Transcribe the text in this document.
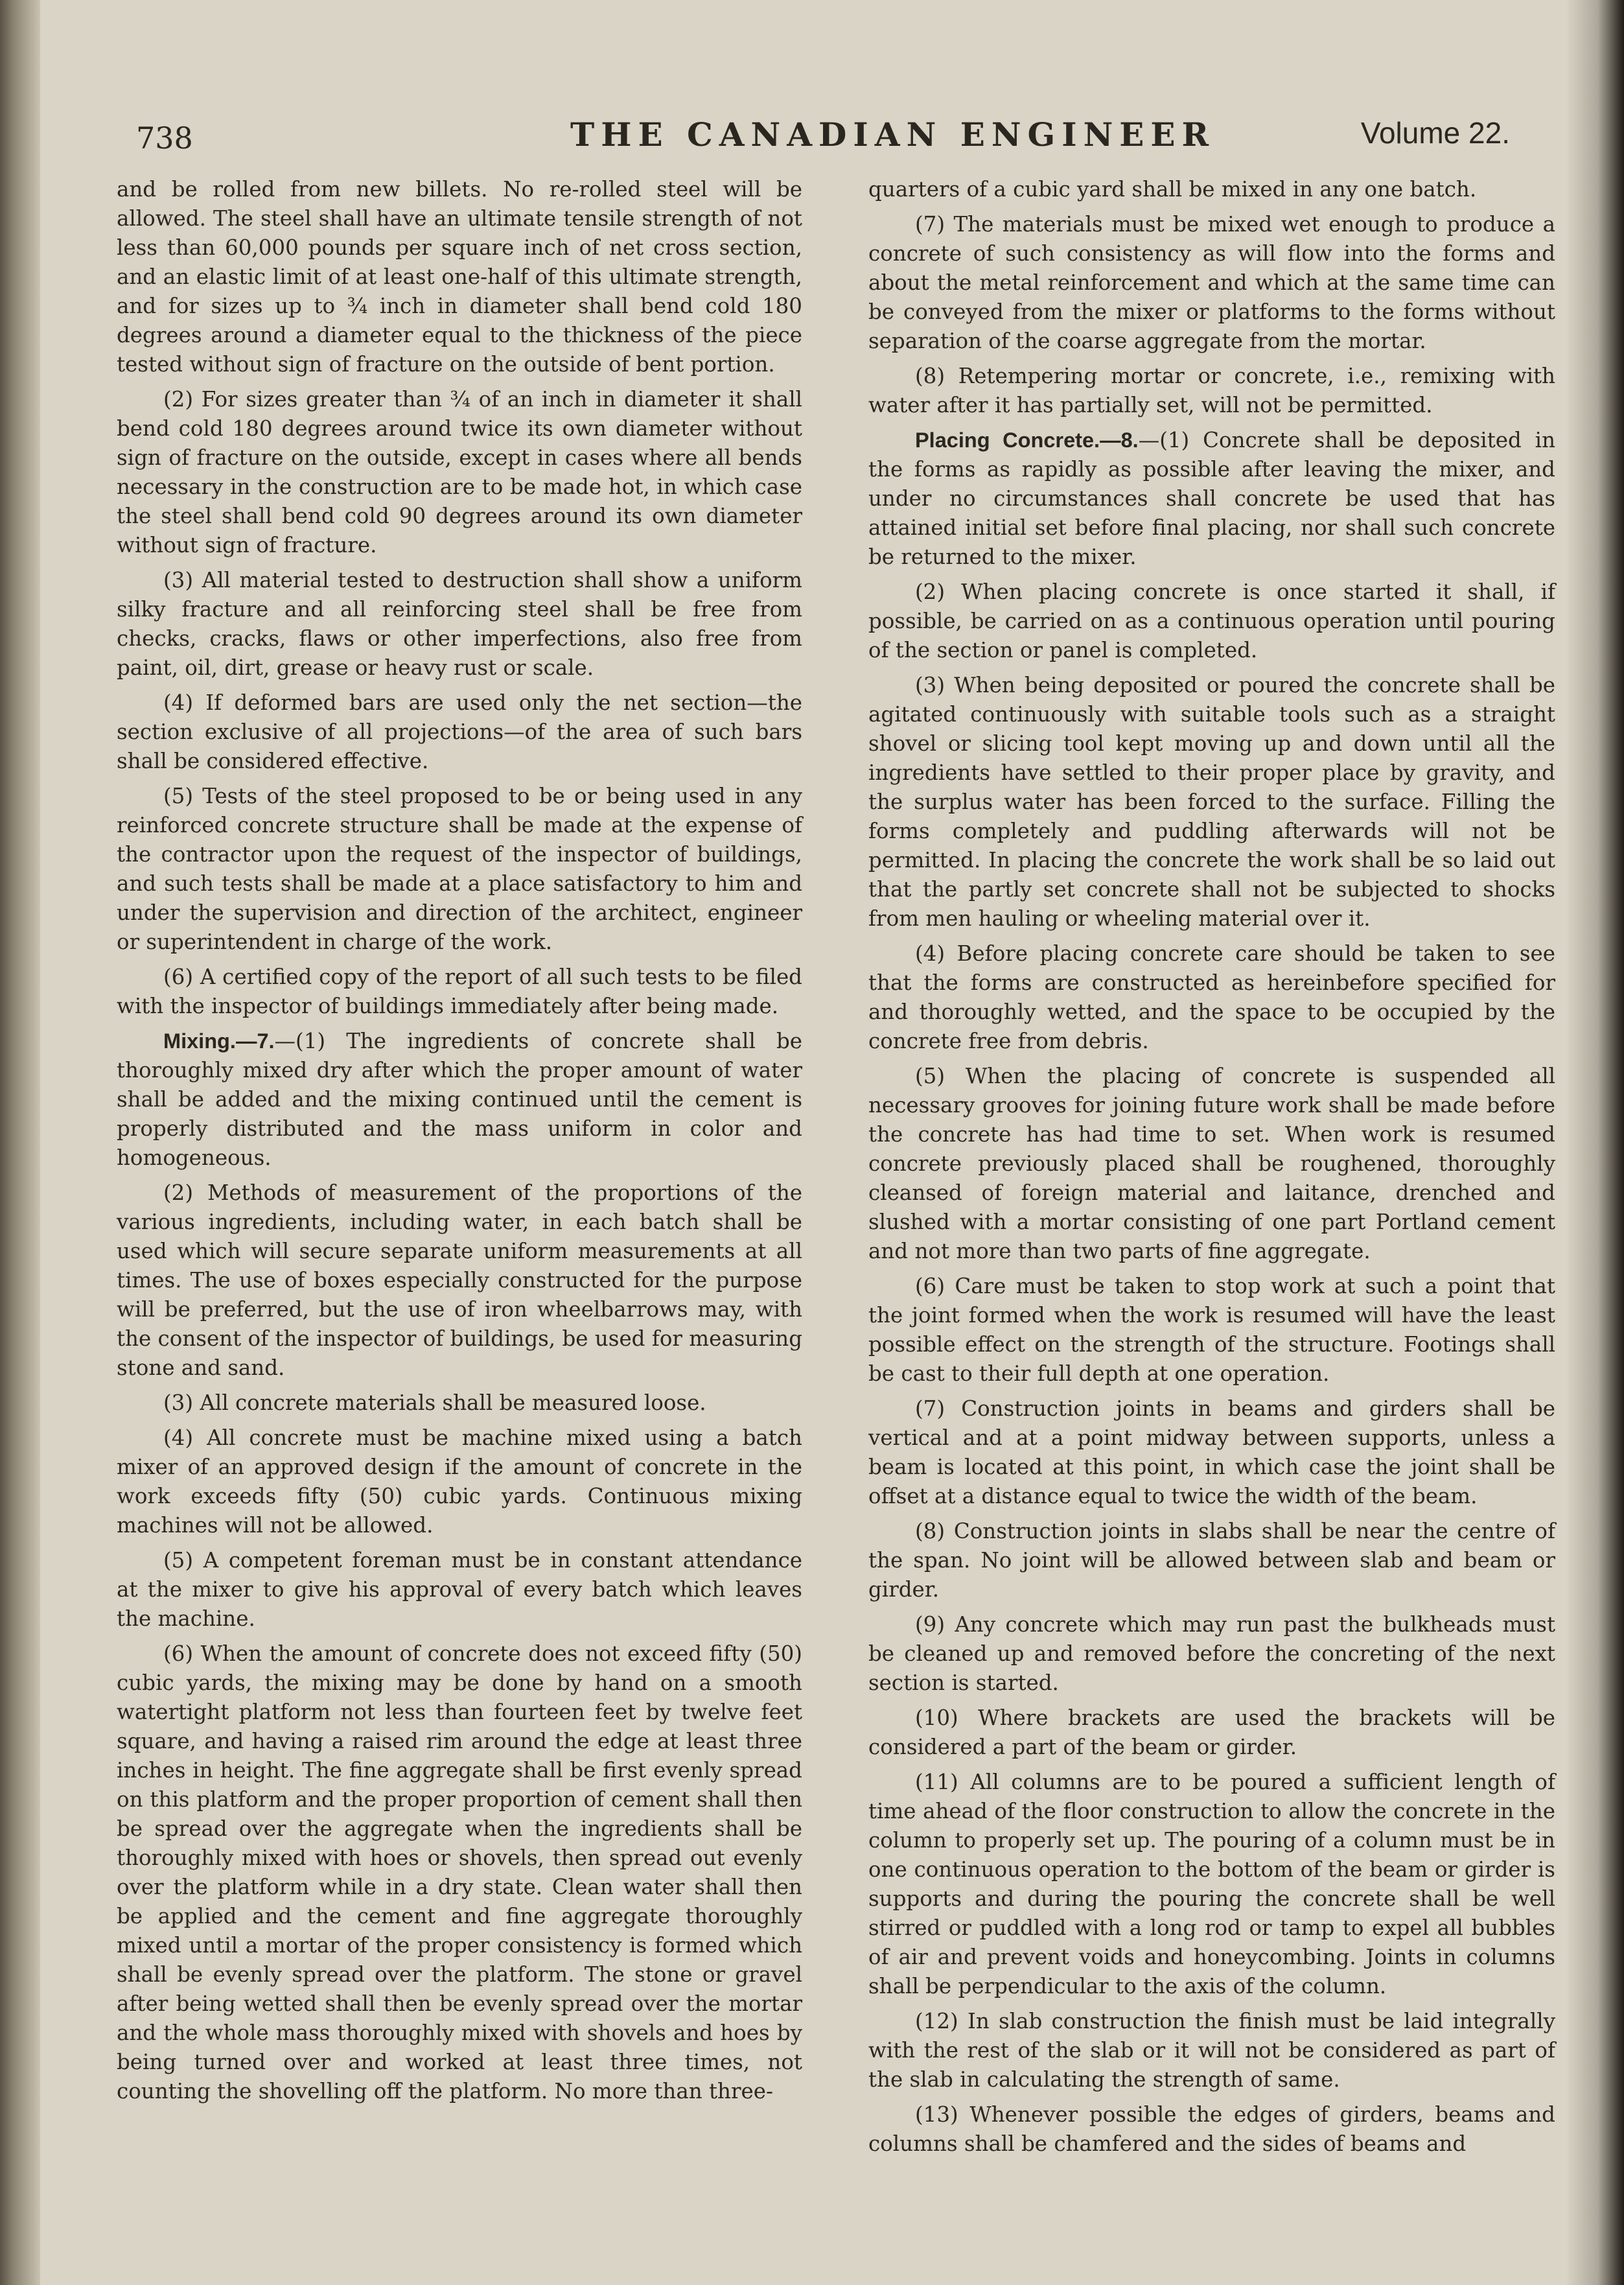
738	THE CANADIAN ENGINEER	Volume 22.

and be rolled from new billets. No re-rolled steel will be allowed. The steel shall have an ultimate tensile strength of not less than 60,000 pounds per square inch of net cross section, and an elastic limit of at least one-half of this ultimate strength, and for sizes up to ¾ inch in diameter shall bend cold 180 degrees around a diameter equal to the thickness of the piece tested without sign of fracture on the outside of bent portion.

(2) For sizes greater than ¾ of an inch in diameter it shall bend cold 180 degrees around twice its own diameter without sign of fracture on the outside, except in cases where all bends necessary in the construction are to be made hot, in which case the steel shall bend cold 90 degrees around its own diameter without sign of fracture.

(3) All material tested to destruction shall show a uniform silky fracture and all reinforcing steel shall be free from checks, cracks, flaws or other imperfections, also free from paint, oil, dirt, grease or heavy rust or scale.

(4) If deformed bars are used only the net section—the section exclusive of all projections—of the area of such bars shall be considered effective.

(5) Tests of the steel proposed to be or being used in any reinforced concrete structure shall be made at the expense of the contractor upon the request of the inspector of buildings, and such tests shall be made at a place satisfactory to him and under the supervision and direction of the architect, engineer or superintendent in charge of the work.

(6) A certified copy of the report of all such tests to be filed with the inspector of buildings immediately after being made.

Mixing.—7.—(1) The ingredients of concrete shall be thoroughly mixed dry after which the proper amount of water shall be added and the mixing continued until the cement is properly distributed and the mass uniform in color and homogeneous.

(2) Methods of measurement of the proportions of the various ingredients, including water, in each batch shall be used which will secure separate uniform measurements at all times. The use of boxes especially constructed for the purpose will be preferred, but the use of iron wheelbarrows may, with the consent of the inspector of buildings, be used for measuring stone and sand.

(3) All concrete materials shall be measured loose.

(4) All concrete must be machine mixed using a batch mixer of an approved design if the amount of concrete in the work exceeds fifty (50) cubic yards. Continuous mixing machines will not be allowed.

(5) A competent foreman must be in constant attendance at the mixer to give his approval of every batch which leaves the machine.

(6) When the amount of concrete does not exceed fifty (50) cubic yards, the mixing may be done by hand on a smooth watertight platform not less than fourteen feet by twelve feet square, and having a raised rim around the edge at least three inches in height. The fine aggregate shall be first evenly spread on this platform and the proper proportion of cement shall then be spread over the aggregate when the ingredients shall be thoroughly mixed with hoes or shovels, then spread out evenly over the platform while in a dry state. Clean water shall then be applied and the cement and fine aggregate thoroughly mixed until a mortar of the proper consistency is formed which shall be evenly spread over the platform. The stone or gravel after being wetted shall then be evenly spread over the mortar and the whole mass thoroughly mixed with shovels and hoes by being turned over and worked at least three times, not counting the shovelling off the platform. No more than three-

quarters of a cubic yard shall be mixed in any one batch.

(7) The materials must be mixed wet enough to produce a concrete of such consistency as will flow into the forms and about the metal reinforcement and which at the same time can be conveyed from the mixer or platforms to the forms without separation of the coarse aggregate from the mortar.

(8) Retempering mortar or concrete, i.e., remixing with water after it has partially set, will not be permitted.

Placing Concrete.—8.—(1) Concrete shall be deposited in the forms as rapidly as possible after leaving the mixer, and under no circumstances shall concrete be used that has attained initial set before final placing, nor shall such concrete be returned to the mixer.

(2) When placing concrete is once started it shall, if possible, be carried on as a continuous operation until pouring of the section or panel is completed.

(3) When being deposited or poured the concrete shall be agitated continuously with suitable tools such as a straight shovel or slicing tool kept moving up and down until all the ingredients have settled to their proper place by gravity, and the surplus water has been forced to the surface. Filling the forms completely and puddling afterwards will not be permitted. In placing the concrete the work shall be so laid out that the partly set concrete shall not be subjected to shocks from men hauling or wheeling material over it.

(4) Before placing concrete care should be taken to see that the forms are constructed as hereinbefore specified for and thoroughly wetted, and the space to be occupied by the concrete free from debris.

(5) When the placing of concrete is suspended all necessary grooves for joining future work shall be made before the concrete has had time to set. When work is resumed concrete previously placed shall be roughened, thoroughly cleansed of foreign material and laitance, drenched and slushed with a mortar consisting of one part Portland cement and not more than two parts of fine aggregate.

(6) Care must be taken to stop work at such a point that the joint formed when the work is resumed will have the least possible effect on the strength of the structure. Footings shall be cast to their full depth at one operation.

(7) Construction joints in beams and girders shall be vertical and at a point midway between supports, unless a beam is located at this point, in which case the joint shall be offset at a distance equal to twice the width of the beam.

(8) Construction joints in slabs shall be near the centre of the span. No joint will be allowed between slab and beam or girder.

(9) Any concrete which may run past the bulkheads must be cleaned up and removed before the concreting of the next section is started.

(10) Where brackets are used the brackets will be considered a part of the beam or girder.

(11) All columns are to be poured a sufficient length of time ahead of the floor construction to allow the concrete in the column to properly set up. The pouring of a column must be in one continuous operation to the bottom of the beam or girder is supports and during the pouring the concrete shall be well stirred or puddled with a long rod or tamp to expel all bubbles of air and prevent voids and honeycombing. Joints in columns shall be perpendicular to the axis of the column.

(12) In slab construction the finish must be laid integrally with the rest of the slab or it will not be considered as part of the slab in calculating the strength of same.

(13) Whenever possible the edges of girders, beams and columns shall be chamfered and the sides of beams and
